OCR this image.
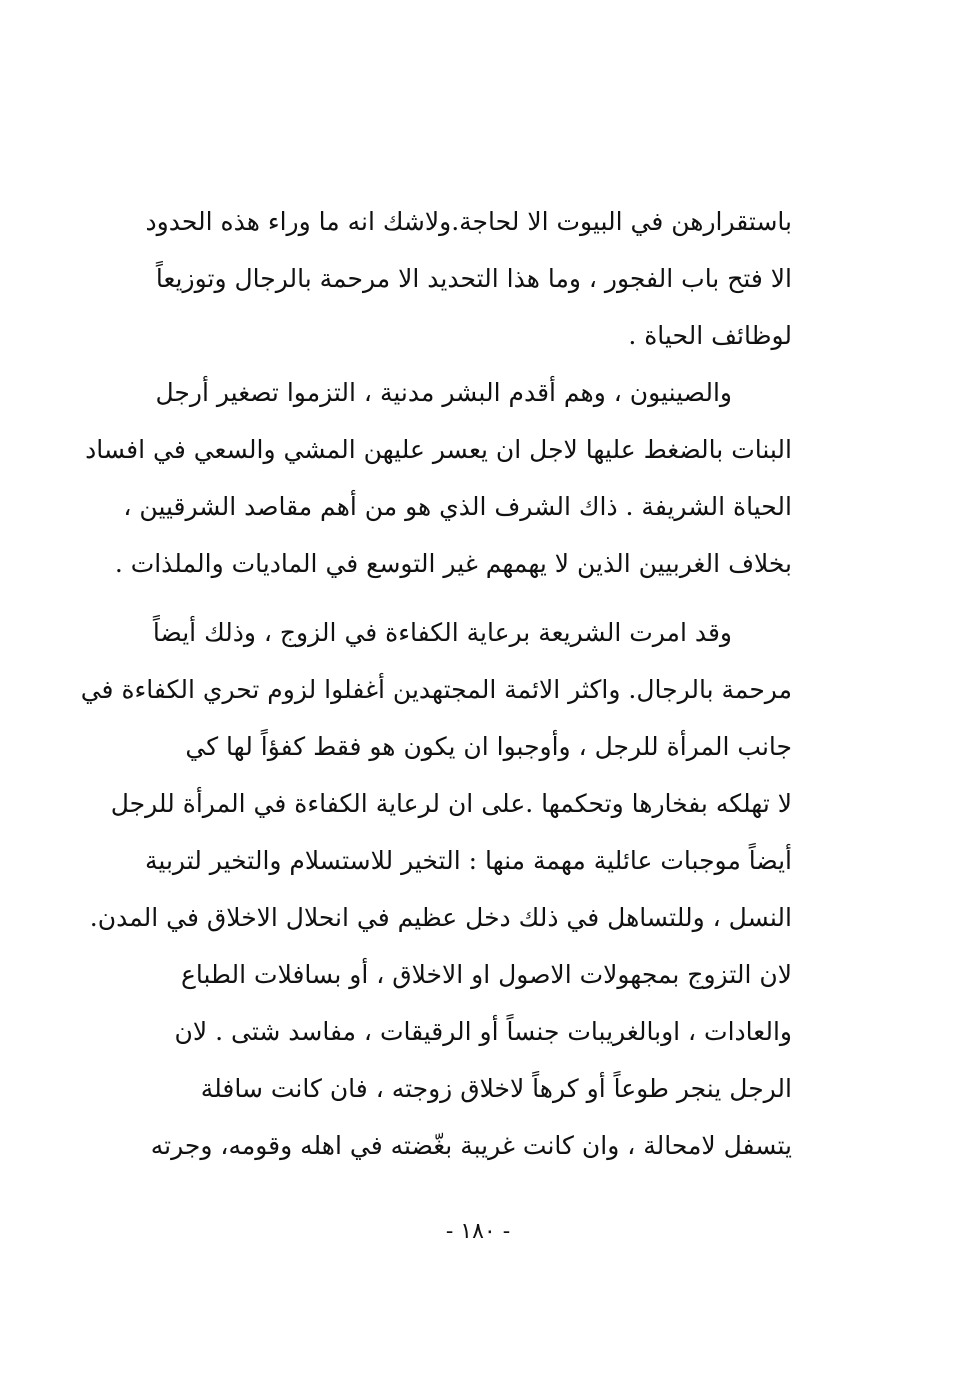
باستقرارهن في البيوت الا لحاجة.ولاشك انه ما وراء هذه الحدود
الا فتح باب الفجور ، وما هذا التحديد الا مرحمة بالرجال وتوزيعاً
لوظائف الحياة .
والصينيون ، وهم أقدم البشر مدنية ، التزموا تصغير أرجل
البنات بالضغط عليها لاجل ان يعسر عليهن المشي والسعي في افساد
الحياة الشريفة . ذاك الشرف الذي هو من أهم مقاصد الشرقيين ،
بخلاف الغربيين الذين لا يهمهم غير التوسع في الماديات والملذات .
وقد امرت الشريعة برعاية الكفاءة في الزوج ، وذلك أيضاً
مرحمة بالرجال. واكثر الائمة المجتهدين أغفلوا لزوم تحري الكفاءة في
جانب المرأة للرجل ، وأوجبوا ان يكون هو فقط كفؤاً لها كي
لا تهلكه بفخارها وتحكمها .على ان لرعاية الكفاءة في المرأة للرجل
أيضاً موجبات عائلية مهمة منها : التخير للاستسلام والتخير لتربية
النسل ، وللتساهل في ذلك دخل عظيم في انحلال الاخلاق في المدن.
لان التزوج بمجهولات الاصول او الاخلاق ، أو بسافلات الطباع
والعادات ، اوبالغريبات جنساً أو الرقيقات ، مفاسد شتى . لان
الرجل ينجر طوعاً أو كرهاً لاخلاق زوجته ، فان كانت سافلة
يتسفل لامحالة ، وان كانت غريبة بغّضته في اهله وقومه، وجرته
- ١٨٠ -
